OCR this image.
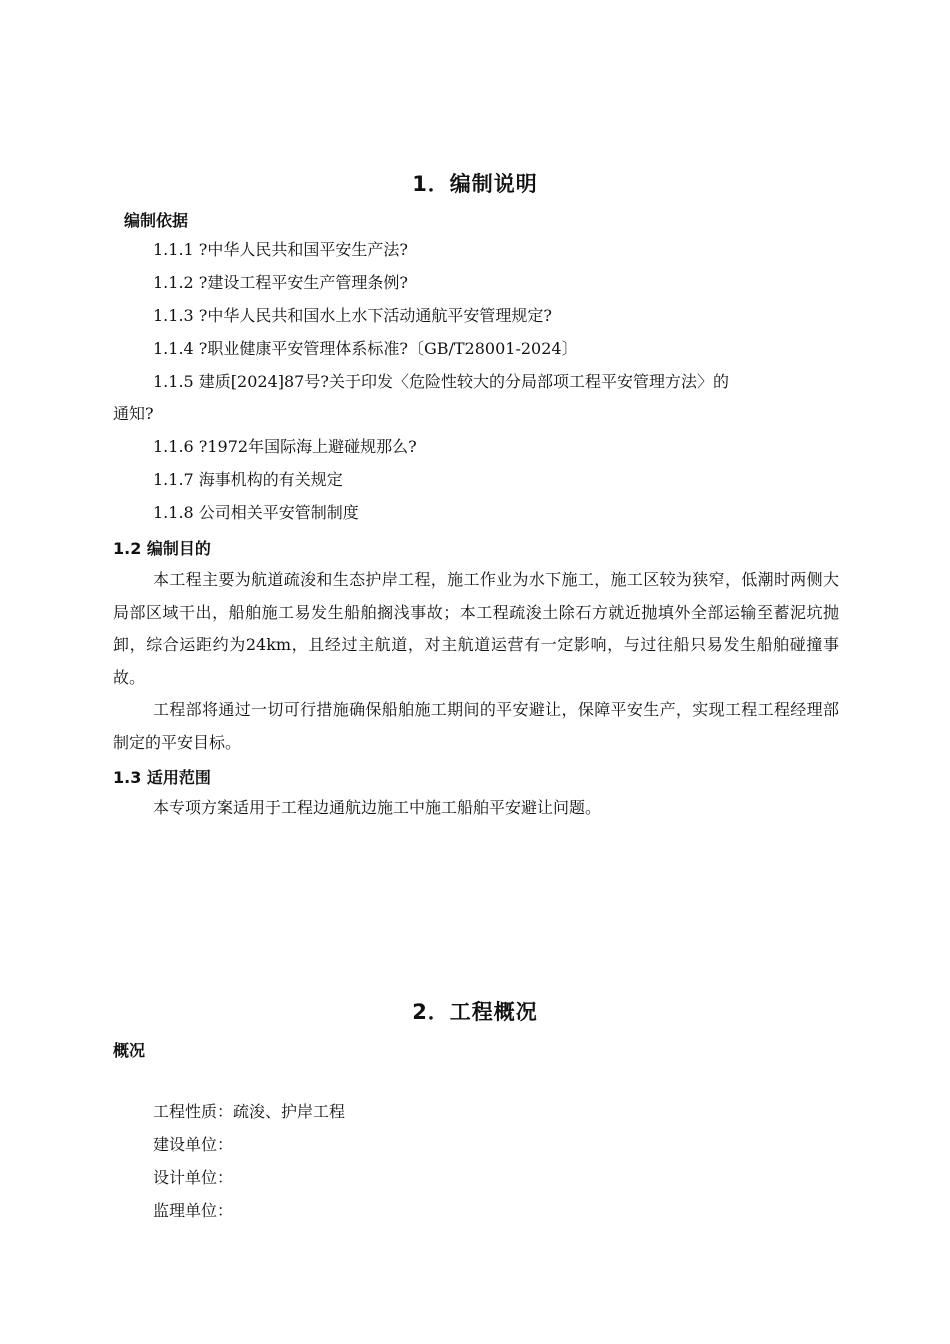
1．编制说明
编制依据
1.1.1 ?中华人民共和国平安生产法?
1.1.2 ?建设工程平安生产管理条例?
1.1.3 ?中华人民共和国水上水下活动通航平安管理规定?
1.1.4 ?职业健康平安管理体系标准?〔GB/T28001-2024〕
1.1.5 建质[2024]87号?关于印发〈危险性较大的分局部项工程平安管理方法〉的
通知?
1.1.6 ?1972年国际海上避碰规那么?
1.1.7 海事机构的有关规定
1.1.8 公司相关平安管制制度
1.2 编制目的
本工程主要为航道疏浚和生态护岸工程，施工作业为水下施工，施工区较为狭窄，低潮时两侧大局部区域干出，船舶施工易发生船舶搁浅事故；本工程疏浚土除石方就近抛填外全部运输至蓄泥坑抛卸，综合运距约为24km，且经过主航道，对主航道运营有一定影响，与过往船只易发生船舶碰撞事故。
工程部将通过一切可行措施确保船舶施工期间的平安避让，保障平安生产，实现工程工程经理部制定的平安目标。
1.3 适用范围
本专项方案适用于工程边通航边施工中施工船舶平安避让问题。
2．工程概况
概况
工程性质：疏浚、护岸工程
建设单位：
设计单位：
监理单位：
